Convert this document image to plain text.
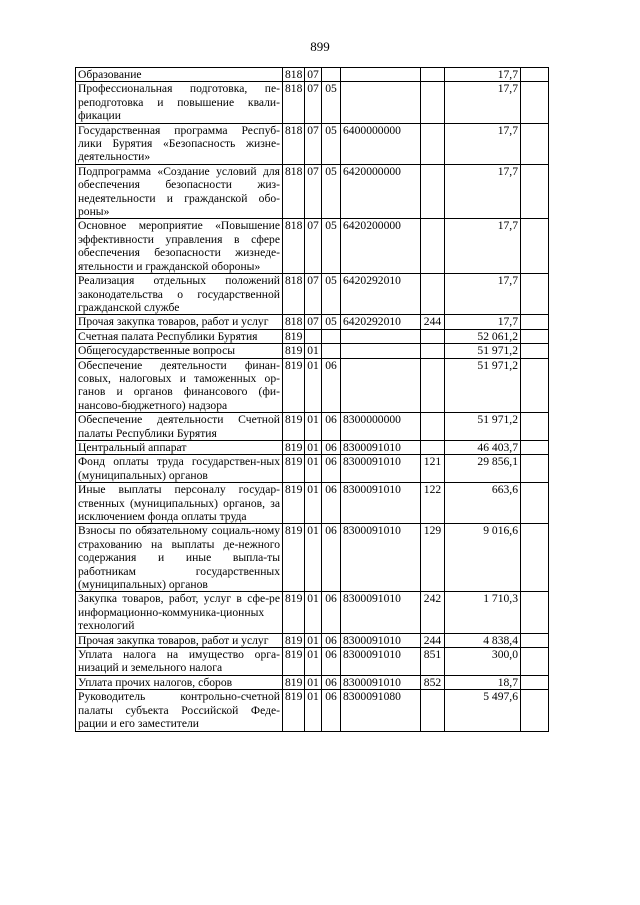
899
Образование	818	07				17,7	
Профессиональная подготовка, пе-реподготовка и повышение квали-фикации	818	07	05			17,7	
Государственная программа Респуб-лики Бурятия «Безопасность жизне-деятельности»	818	07	05	6400000000		17,7	
Подпрограмма «Создание условий для обеспечения безопасности жиз-недеятельности и гражданской обо-роны»	818	07	05	6420000000		17,7	
Основное мероприятие «Повышение эффективности управления в сфере обеспечения безопасности жизнеде-ятельности и гражданской обороны»	818	07	05	6420200000		17,7	
Реализация отдельных положений законодательства о государственной гражданской службе	818	07	05	6420292010		17,7	
Прочая закупка товаров, работ и услуг	818	07	05	6420292010	244	17,7	
Счетная палата Республики Бурятия	819					52 061,2	
Общегосударственные вопросы	819	01				51 971,2	
Обеспечение деятельности финан-совых, налоговых и таможенных ор-ганов и органов финансового (фи-нансово-бюджетного) надзора	819	01	06			51 971,2	
Обеспечение деятельности Счетной палаты Республики Бурятия	819	01	06	8300000000		51 971,2	
Центральный аппарат	819	01	06	8300091010		46 403,7	
Фонд оплаты труда государствен-ных (муниципальных) органов	819	01	06	8300091010	121	29 856,1	
Иные выплаты персоналу государ-ственных (муниципальных) органов, за исключением фонда оплаты труда	819	01	06	8300091010	122	663,6	
Взносы по обязательному социаль-ному страхованию на выплаты де-нежного содержания и иные выпла-ты работникам государственных (муниципальных) органов	819	01	06	8300091010	129	9 016,6	
Закупка товаров, работ, услуг в сфе-ре информационно-коммуника-ционных технологий	819	01	06	8300091010	242	1 710,3	
Прочая закупка товаров, работ и услуг	819	01	06	8300091010	244	4 838,4	
Уплата налога на имущество орга-низаций и земельного налога	819	01	06	8300091010	851	300,0	
Уплата прочих налогов, сборов	819	01	06	8300091010	852	18,7	
Руководитель контрольно-счетной палаты субъекта Российской Феде-рации и его заместители	819	01	06	8300091080		5 497,6	
